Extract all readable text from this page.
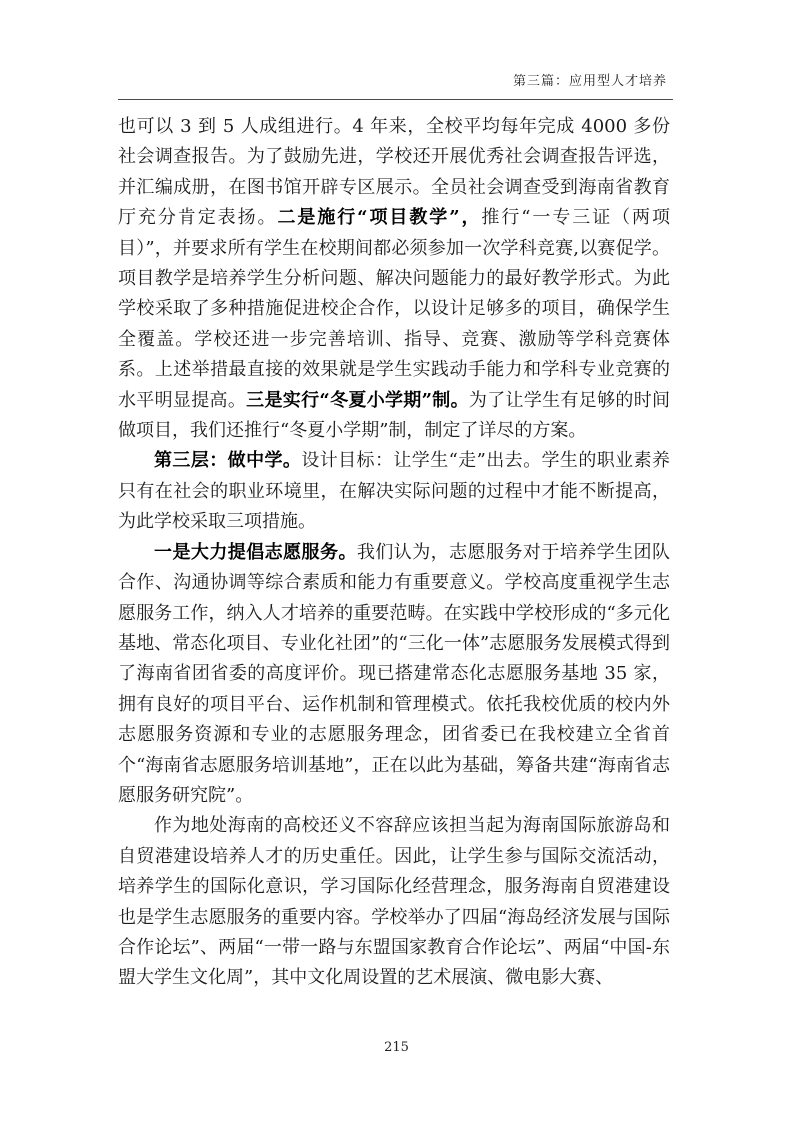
第三篇：应用型人才培养

也可以 3 到 5 人成组进行。4 年来，全校平均每年完成 4000 多份社会调查报告。为了鼓励先进，学校还开展优秀社会调查报告评选，并汇编成册，在图书馆开辟专区展示。全员社会调查受到海南省教育厅充分肯定表扬。二是施行“项目教学”，推行“一专三证（两项目）”，并要求所有学生在校期间都必须参加一次学科竞赛,以赛促学。项目教学是培养学生分析问题、解决问题能力的最好教学形式。为此学校采取了多种措施促进校企合作，以设计足够多的项目，确保学生全覆盖。学校还进一步完善培训、指导、竞赛、激励等学科竞赛体系。上述举措最直接的效果就是学生实践动手能力和学科专业竞赛的水平明显提高。三是实行“冬夏小学期”制。为了让学生有足够的时间做项目，我们还推行“冬夏小学期”制，制定了详尽的方案。

第三层：做中学。设计目标：让学生“走”出去。学生的职业素养只有在社会的职业环境里，在解决实际问题的过程中才能不断提高，为此学校采取三项措施。

一是大力提倡志愿服务。我们认为，志愿服务对于培养学生团队合作、沟通协调等综合素质和能力有重要意义。学校高度重视学生志愿服务工作，纳入人才培养的重要范畴。在实践中学校形成的“多元化基地、常态化项目、专业化社团”的“三化一体”志愿服务发展模式得到了海南省团省委的高度评价。现已搭建常态化志愿服务基地 35 家，拥有良好的项目平台、运作机制和管理模式。依托我校优质的校内外志愿服务资源和专业的志愿服务理念，团省委已在我校建立全省首个“海南省志愿服务培训基地”，正在以此为基础，筹备共建“海南省志愿服务研究院”。

作为地处海南的高校还义不容辞应该担当起为海南国际旅游岛和自贸港建设培养人才的历史重任。因此，让学生参与国际交流活动，培养学生的国际化意识，学习国际化经营理念，服务海南自贸港建设也是学生志愿服务的重要内容。学校举办了四届“海岛经济发展与国际合作论坛”、两届“一带一路与东盟国家教育合作论坛”、两届“中国-东盟大学生文化周”，其中文化周设置的艺术展演、微电影大赛、

215
